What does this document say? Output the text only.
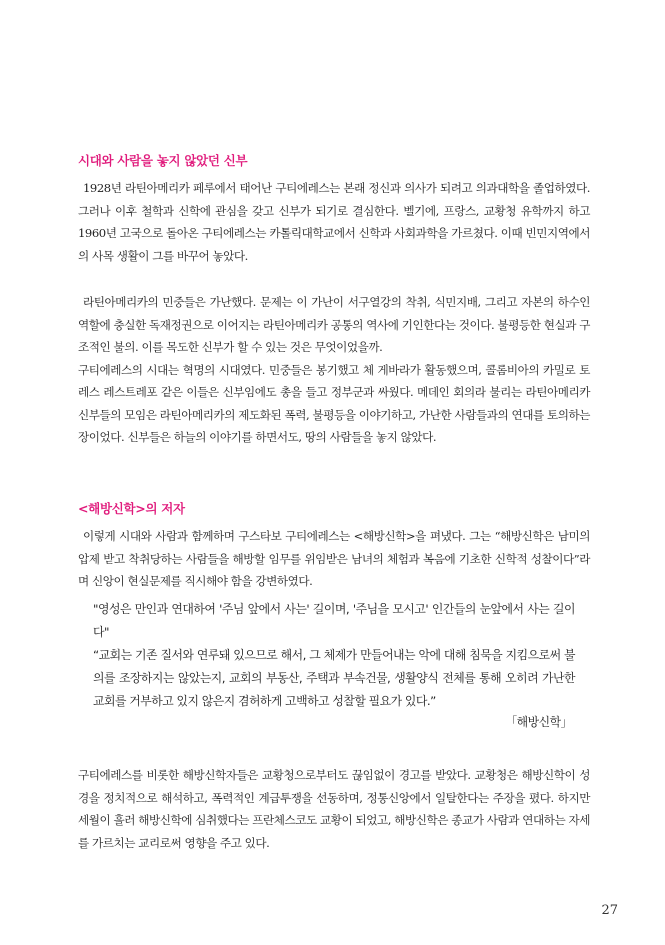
시대와 사람을 놓지 않았던 신부

1928년 라틴아메리카 페루에서 태어난 구티에레스는 본래 정신과 의사가 되려고 의과대학을 졸업하였다. 그러나 이후 철학과 신학에 관심을 갖고 신부가 되기로 결심한다. 벨기에, 프랑스, 교황청 유학까지 하고 1960년 고국으로 돌아온 구티에레스는 카톨릭대학교에서 신학과 사회과학을 가르쳤다. 이때 빈민지역에서의 사목 생활이 그를 바꾸어 놓았다.

라틴아메리카의 민중들은 가난했다. 문제는 이 가난이 서구열강의 착취, 식민지배, 그리고 자본의 하수인 역할에 충실한 독재정권으로 이어지는 라틴아메리카 공통의 역사에 기인한다는 것이다. 불평등한 현실과 구조적인 불의. 이를 목도한 신부가 할 수 있는 것은 무엇이었을까.

구티에레스의 시대는 혁명의 시대였다. 민중들은 봉기했고 체 게바라가 활동했으며, 콜롬비아의 카밀로 토레스 레스트레포 같은 이들은 신부임에도 총을 들고 정부군과 싸웠다. 메데인 회의라 불리는 라틴아메리카 신부들의 모임은 라틴아메리카의 제도화된 폭력, 불평등을 이야기하고, 가난한 사람들과의 연대를 토의하는 장이었다. 신부들은 하늘의 이야기를 하면서도, 땅의 사람들을 놓지 않았다.

<해방신학>의 저자

이렇게 시대와 사람과 함께하며 구스타보 구티에레스는 <해방신학>을 펴냈다. 그는 “해방신학은 남미의 압제 받고 착취당하는 사람들을 해방할 임무를 위임받은 남녀의 체험과 복음에 기초한 신학적 성찰이다”라며 신앙이 현실문제를 직시해야 함을 강변하였다.

"영성은 만인과 연대하여 '주님 앞에서 사는' 길이며, '주님을 모시고' 인간들의 눈앞에서 사는 길이다"

“교회는 기존 질서와 연루돼 있으므로 해서, 그 체제가 만들어내는 악에 대해 침묵을 지킴으로써 불의를 조장하지는 않았는지, 교회의 부동산, 주택과 부속건물, 생활양식 전체를 통해 오히려 가난한 교회를 거부하고 있지 않은지 겸허하게 고백하고 성찰할 필요가 있다.”

「해방신학」

구티에레스를 비롯한 해방신학자들은 교황청으로부터도 끊임없이 경고를 받았다. 교황청은 해방신학이 성경을 정치적으로 해석하고, 폭력적인 계급투쟁을 선동하며, 정통신앙에서 일탈한다는 주장을 폈다. 하지만 세월이 흘러 해방신학에 심취했다는 프란체스코도 교황이 되었고, 해방신학은 종교가 사람과 연대하는 자세를 가르치는 교리로써 영향을 주고 있다.

27
